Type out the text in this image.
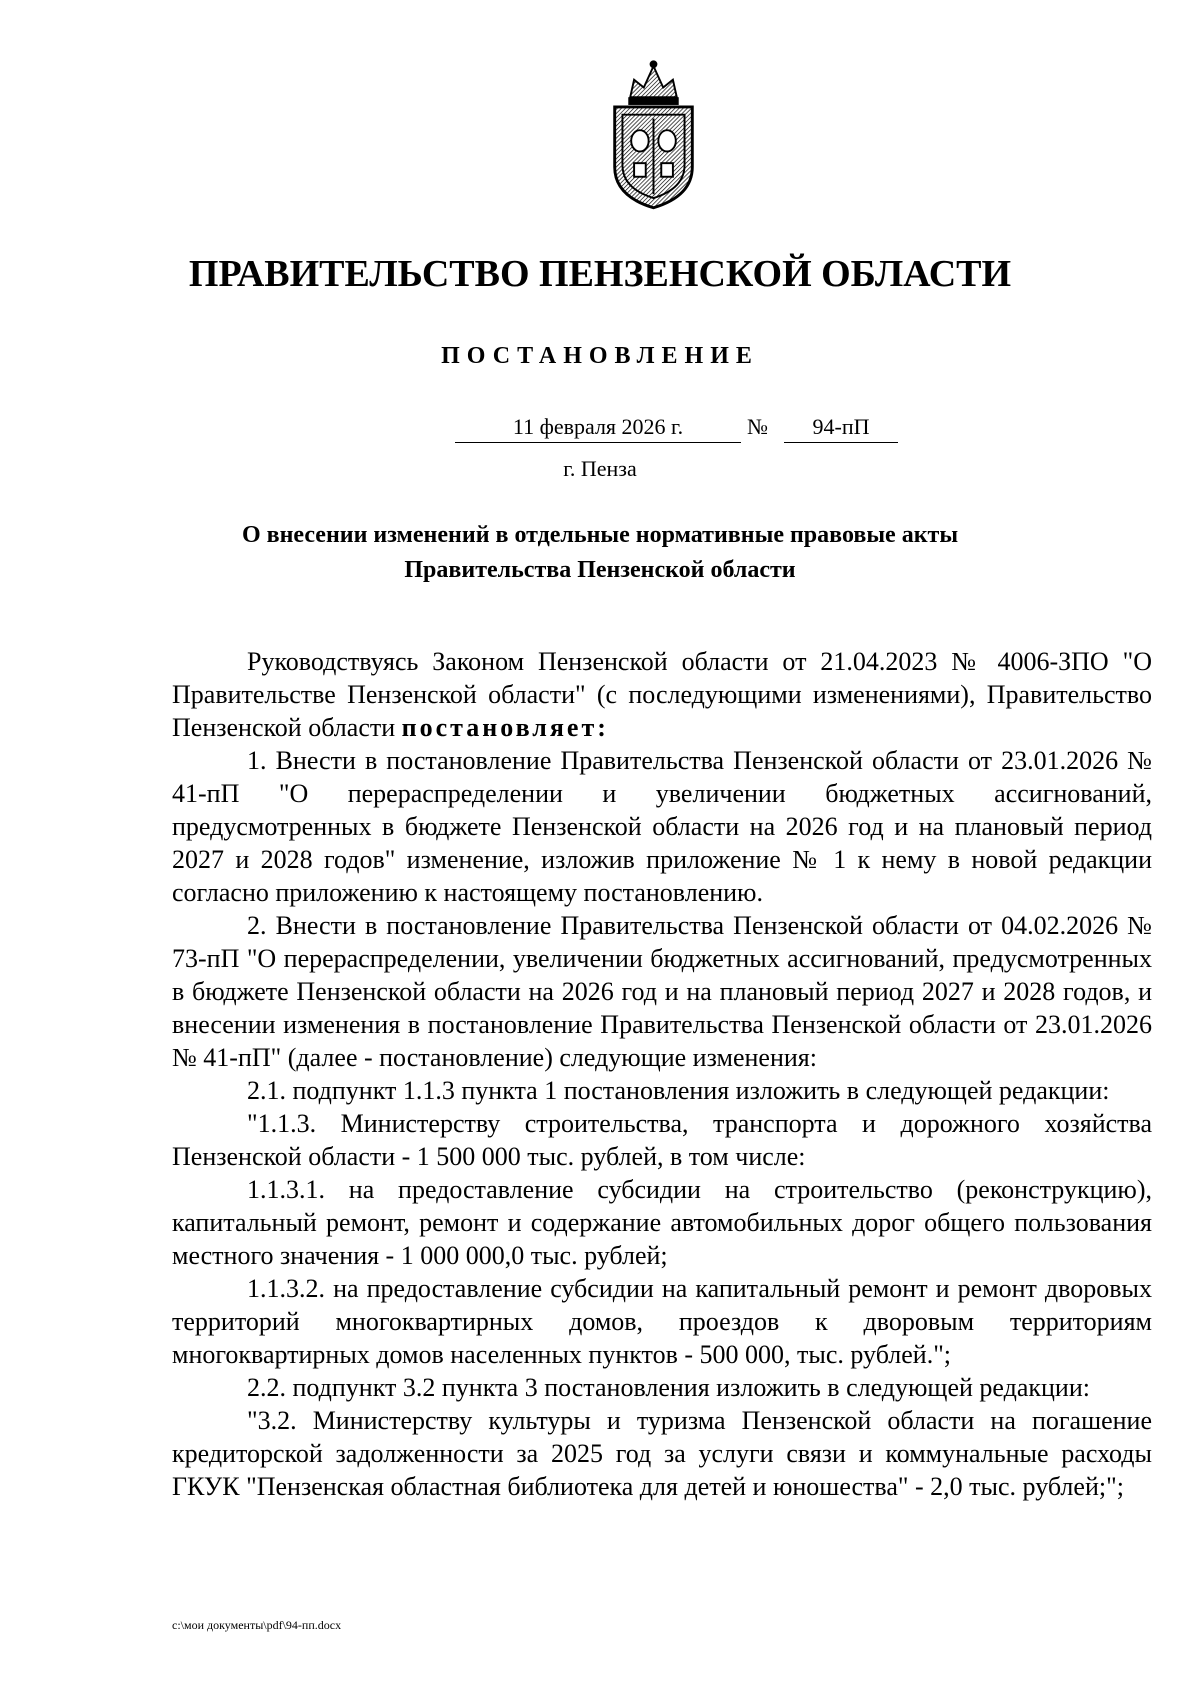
ПРАВИТЕЛЬСТВО ПЕНЗЕНСКОЙ ОБЛАСТИ
ПОСТАНОВЛЕНИЕ
11 февраля 2026 г.	№	94-пП
г. Пенза
О внесении изменений в отдельные нормативные правовые акты
Правительства Пензенской области

Руководствуясь Законом Пензенской области от 21.04.2023 № 4006-ЗПО "О Правительстве Пензенской области" (с последующими изменениями), Правительство Пензенской области постановляет:

1. Внести в постановление Правительства Пензенской области от 23.01.2026 № 41-пП "О перераспределении и увеличении бюджетных ассигнований, предусмотренных в бюджете Пензенской области на 2026 год и на плановый период 2027 и 2028 годов" изменение, изложив приложение № 1 к нему в новой редакции согласно приложению к настоящему постановлению.

2. Внести в постановление Правительства Пензенской области от 04.02.2026 № 73-пП "О перераспределении, увеличении бюджетных ассигнований, предусмотренных в бюджете Пензенской области на 2026 год и на плановый период 2027 и 2028 годов, и внесении изменения в постановление Правительства Пензенской области от 23.01.2026 № 41-пП" (далее - постановление) следующие изменения:

2.1. подпункт 1.1.3 пункта 1 постановления изложить в следующей редакции:

"1.1.3. Министерству строительства, транспорта и дорожного хозяйства Пензенской области - 1 500 000 тыс. рублей, в том числе:

1.1.3.1. на предоставление субсидии на строительство (реконструкцию), капитальный ремонт, ремонт и содержание автомобильных дорог общего пользования местного значения - 1 000 000,0 тыс. рублей;

1.1.3.2. на предоставление субсидии на капитальный ремонт и ремонт дворовых территорий многоквартирных домов, проездов к дворовым территориям многоквартирных домов населенных пунктов - 500 000, тыс. рублей.";

2.2. подпункт 3.2 пункта 3 постановления изложить в следующей редакции:

"3.2. Министерству культуры и туризма Пензенской области на погашение кредиторской задолженности за 2025 год за услуги связи и коммунальные расходы ГКУК "Пензенская областная библиотека для детей и юношества" - 2,0 тыс. рублей;";

c:\мои документы\pdf\94-пп.docx
